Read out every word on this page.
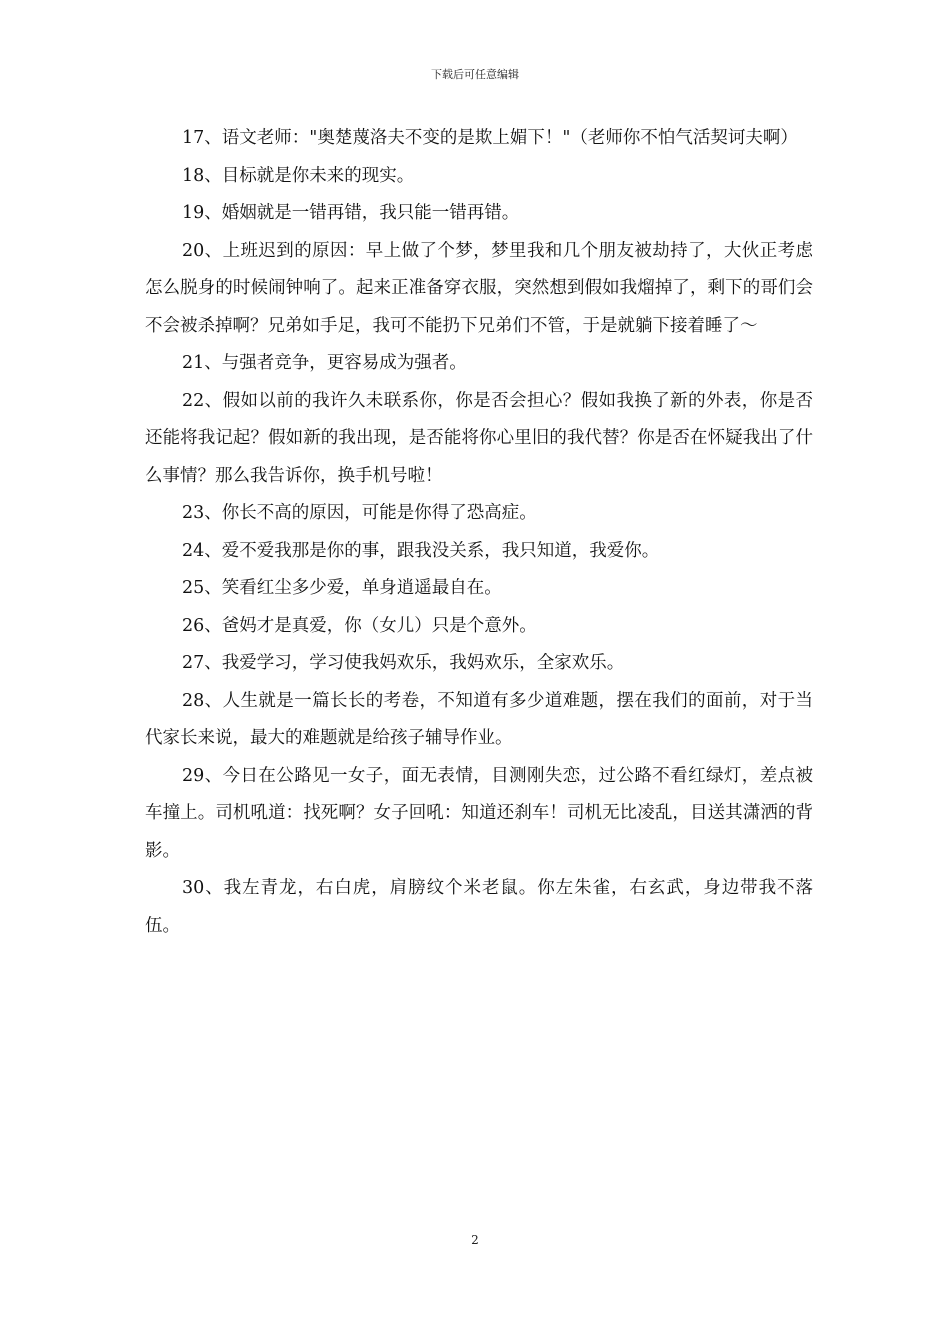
下载后可任意编辑

17、语文老师："奥楚蔑洛夫不变的是欺上媚下！"（老师你不怕气活契诃夫啊）

18、目标就是你未来的现实。

19、婚姻就是一错再错，我只能一错再错。

20、上班迟到的原因：早上做了个梦，梦里我和几个朋友被劫持了，大伙正考虑怎么脱身的时候闹钟响了。起来正准备穿衣服，突然想到假如我熘掉了，剩下的哥们会不会被杀掉啊？兄弟如手足，我可不能扔下兄弟们不管，于是就躺下接着睡了～

21、与强者竞争，更容易成为强者。

22、假如以前的我许久未联系你，你是否会担心？假如我换了新的外表，你是否还能将我记起？假如新的我出现，是否能将你心里旧的我代替？你是否在怀疑我出了什么事情？那么我告诉你，换手机号啦！

23、你长不高的原因，可能是你得了恐高症。

24、爱不爱我那是你的事，跟我没关系，我只知道，我爱你。

25、笑看红尘多少爱，单身逍遥最自在。

26、爸妈才是真爱，你（女儿）只是个意外。

27、我爱学习，学习使我妈欢乐，我妈欢乐，全家欢乐。

28、人生就是一篇长长的考卷，不知道有多少道难题，摆在我们的面前，对于当代家长来说，最大的难题就是给孩子辅导作业。

29、今日在公路见一女子，面无表情，目测刚失恋，过公路不看红绿灯，差点被车撞上。司机吼道：找死啊？女子回吼：知道还刹车！司机无比凌乱，目送其潇洒的背影。

30、我左青龙，右白虎，肩膀纹个米老鼠。你左朱雀，右玄武，身边带我不落伍。

2
